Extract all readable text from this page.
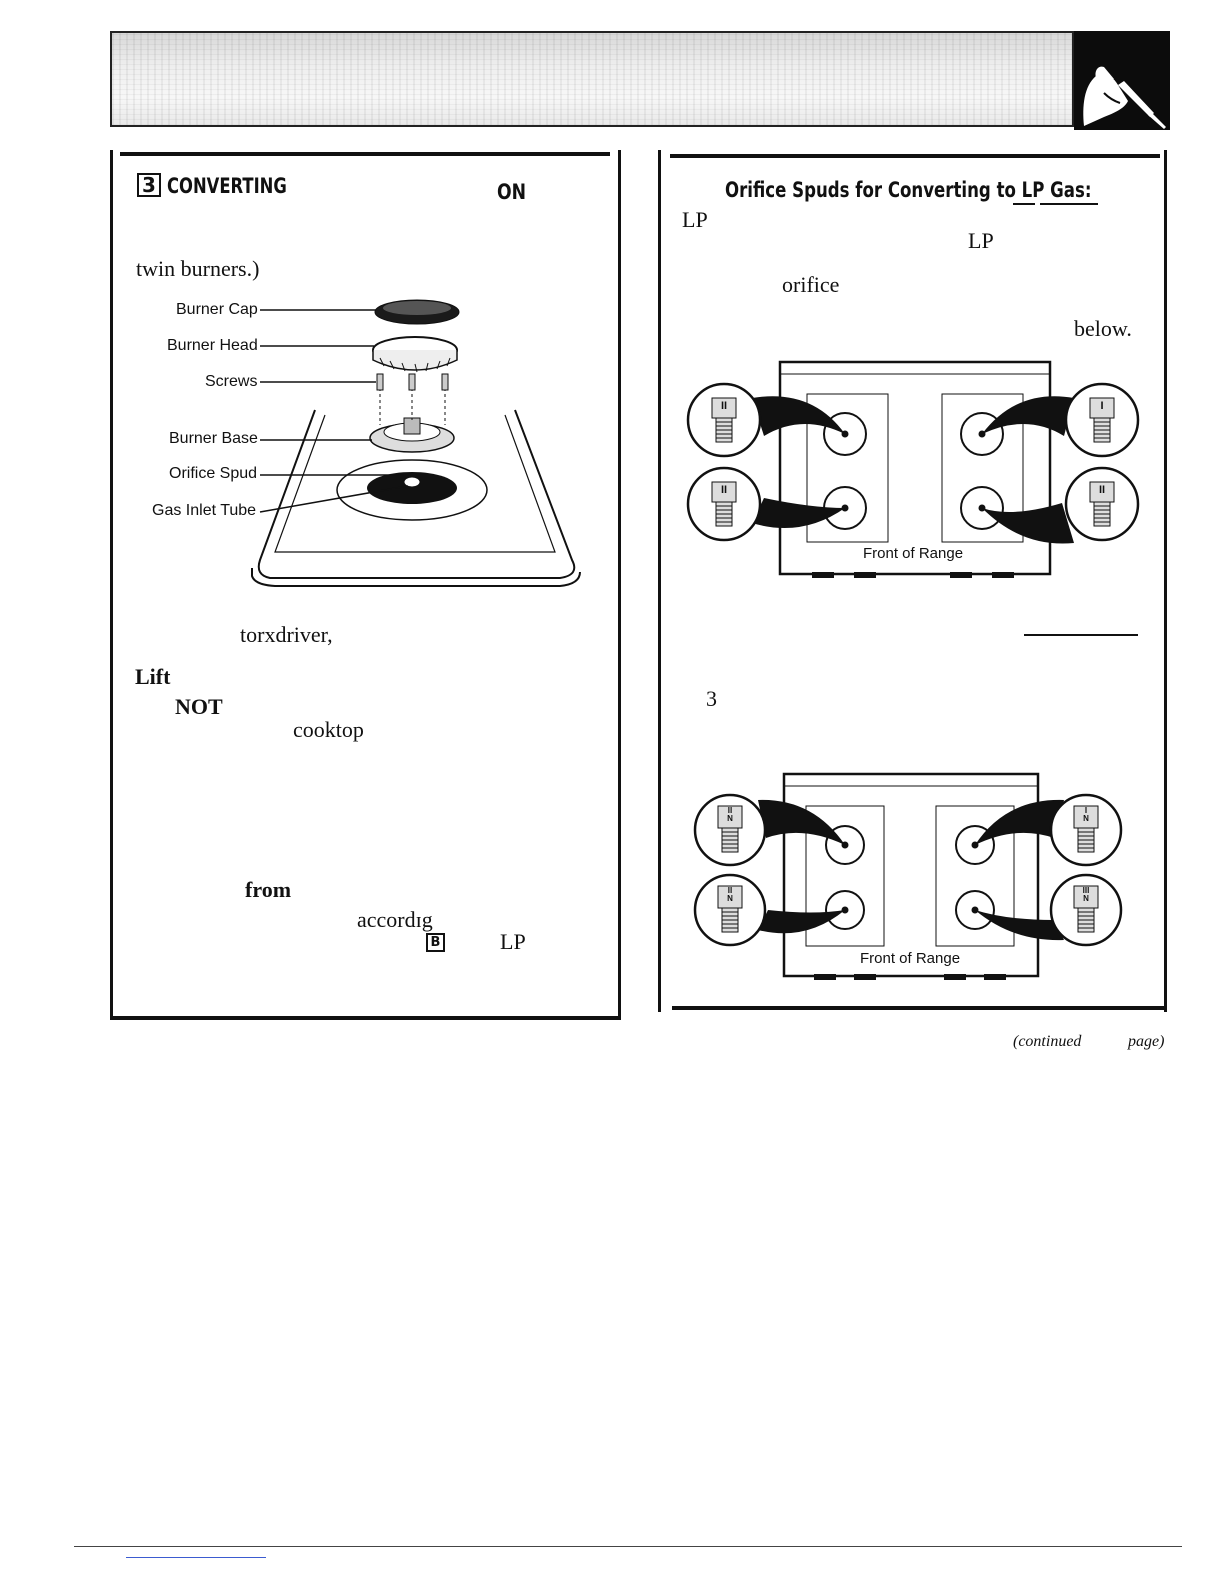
3 CONVERTING	ON
twin burners.)
Burner Cap
Burner Head
Screws
Burner Base
Orifice Spud
Gas Inlet Tube
torxdriver,
Lift
NOT
cooktop
from
accordɪg
B	LP
Orifice Spuds for Converting to LP Gas:
LP
LP
orifice
below.
II	I
II	II
Front of Range
3
II N
I N
II N
III N
Front of Range
(continued	page)
